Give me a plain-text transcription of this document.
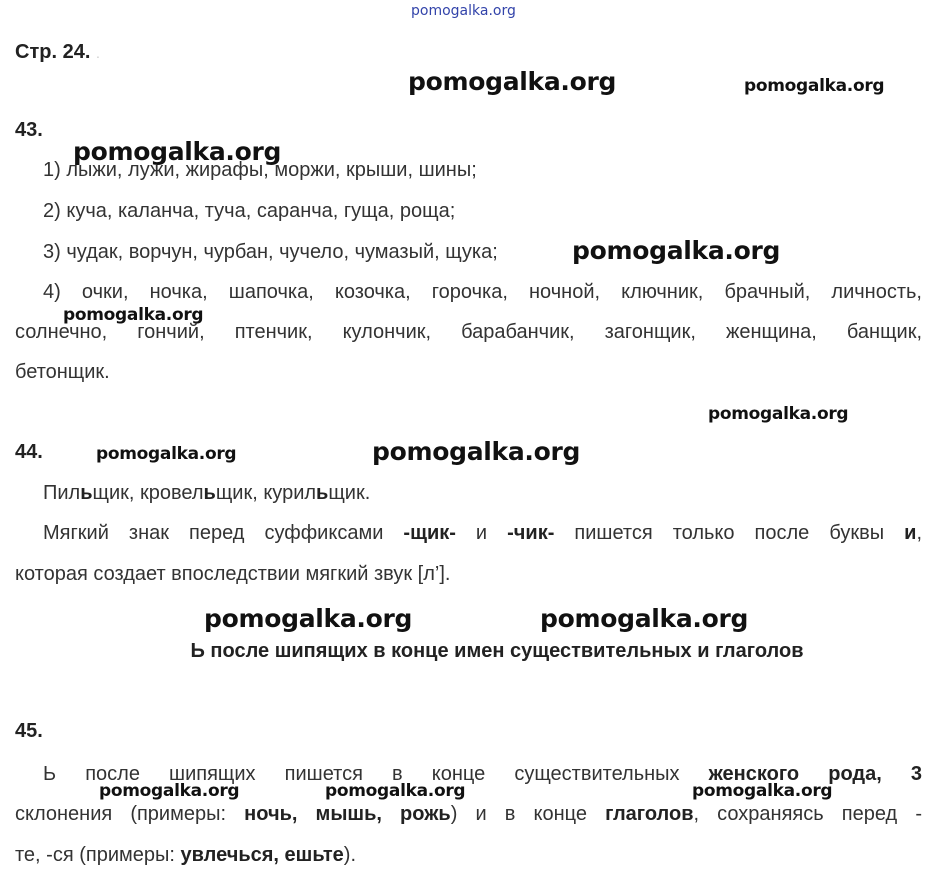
pomogalka.org
Стр. 24. .
pomogalka.org	pomogalka.org
43.
1) лыжи, лужи, жирафы, моржи, крыши, шины;
pomogalka.org
2) куча, каланча, туча, саранча, гуща, роща;
3) чудак, ворчун, чурбан, чучело, чумазый, щука;	pomogalka.org
4) очки, ночка, шапочка, козочка, горочка, ночной, ключник, брачный, личность,
pomogalka.org
солнечно, гончий, птенчик, кулончик, барабанчик, загонщик, женщина, банщик,
бетонщик.
pomogalka.org
44.	pomogalka.org	pomogalka.org
Пильщик, кровельщик, курильщик.
Мягкий знак перед суффиксами -щик- и -чик- пишется только после буквы и,
которая создает впоследствии мягкий звук [л’].
pomogalka.org	pomogalka.org
Ь после шипящих в конце имен существительных и глаголов
45.
Ь после шипящих пишется в конце существительных женского рода, 3
pomogalka.org	pomogalka.org	pomogalka.org
склонения (примеры: ночь, мышь, рожь) и в конце глаголов, сохраняясь перед -
те, -ся (примеры: увлечься, ешьте).
